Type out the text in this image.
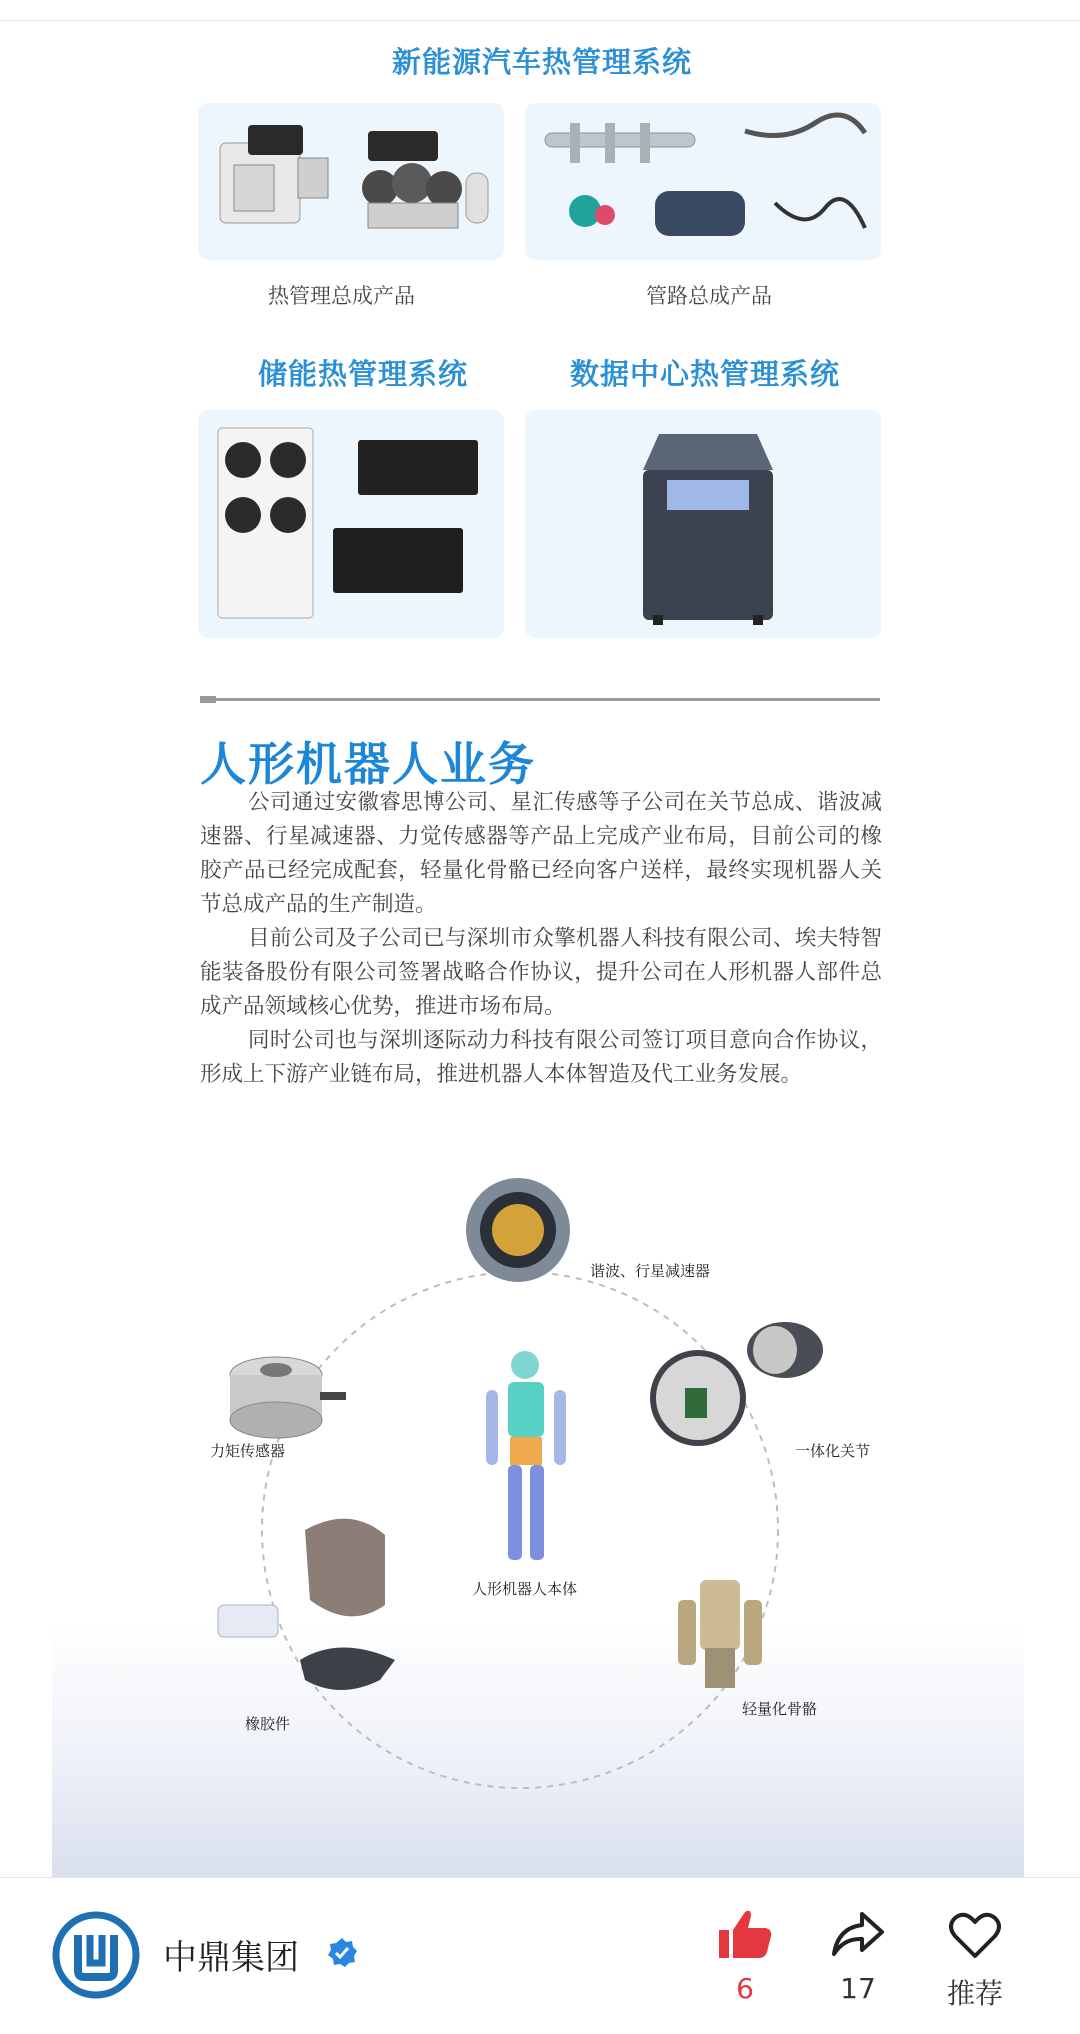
新能源汽车热管理系统
热管理总成产品	管路总成产品
储能热管理系统	数据中心热管理系统
人形机器人业务

公司通过安徽睿思博公司、星汇传感等子公司在关节总成、谐波减速器、行星减速器、力觉传感器等产品上完成产业布局，目前公司的橡胶产品已经完成配套，轻量化骨骼已经向客户送样，最终实现机器人关节总成产品的生产制造。

目前公司及子公司已与深圳市众擎机器人科技有限公司、埃夫特智能装备股份有限公司签署战略合作协议，提升公司在人形机器人部件总成产品领域核心优势，推进市场布局。

同时公司也与深圳逐际动力科技有限公司签订项目意向合作协议，形成上下游产业链布局，推进机器人本体智造及代工业务发展。

谐波、行星减速器
力矩传感器	一体化关节
人形机器人本体
橡胶件
轻量化骨骼
中鼎集团
6	17	推荐
